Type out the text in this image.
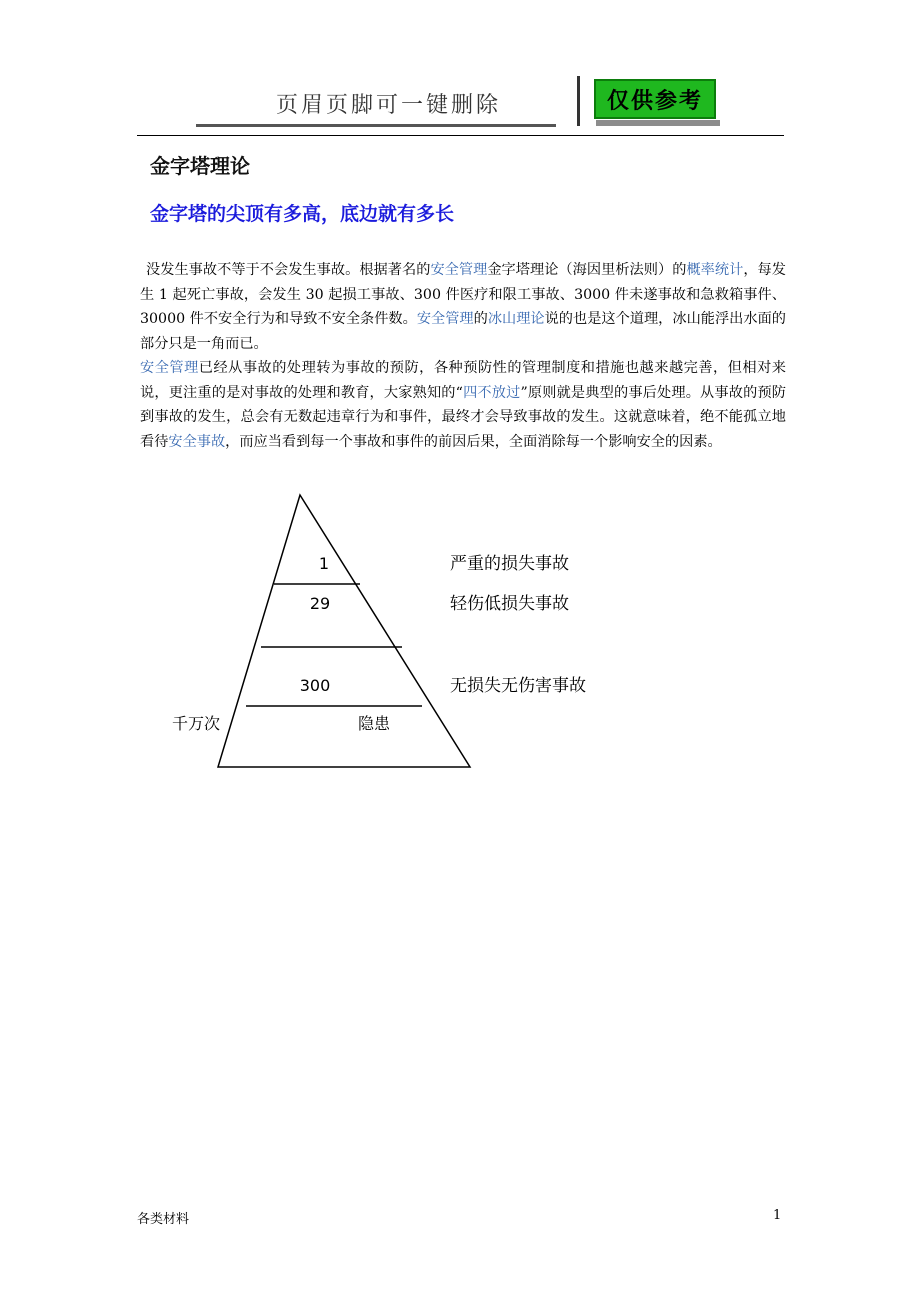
页眉页脚可一键删除	仅供参考
金字塔理论
金字塔的尖顶有多高，底边就有多长

没发生事故不等于不会发生事故。根据著名的安全管理金字塔理论（海因里析法则）的概率统计，每发生 1 起死亡事故，会发生 30 起损工事故、300 件医疗和限工事故、3000 件未遂事故和急救箱事件、30000 件不安全行为和导致不安全条件数。安全管理的冰山理论说的也是这个道理，冰山能浮出水面的部分只是一角而已。

安全管理已经从事故的处理转为事故的预防，各种预防性的管理制度和措施也越来越完善，但相对来说，更注重的是对事故的处理和教育，大家熟知的“四不放过”原则就是典型的事后处理。从事故的预防到事故的发生，总会有无数起违章行为和事件，最终才会导致事故的发生。这就意味着，绝不能孤立地看待安全事故，而应当看到每一个事故和事件的前因后果，全面消除每一个影响安全的因素。

1
29
300
千万次	隐患
严重的损失事故
轻伤低损失事故
无损失无伤害事故
各类材料	1
